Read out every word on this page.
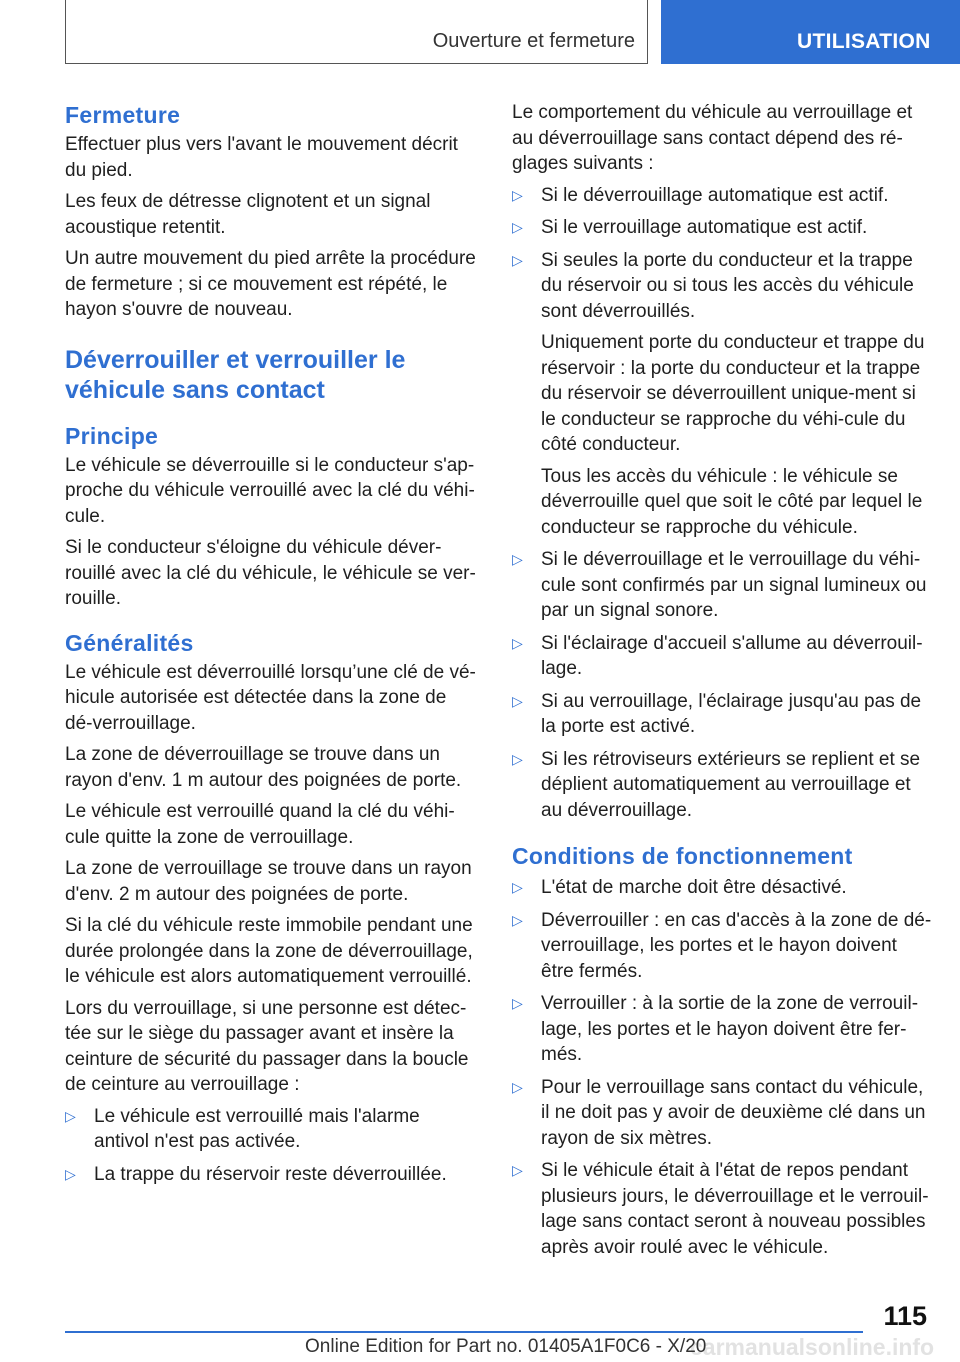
Ouverture et fermeture	UTILISATION
Fermeture

Effectuer plus vers l'avant le mouvement décrit du pied.

Les feux de détresse clignotent et un signal acoustique retentit.

Un autre mouvement du pied arrête la procédure de fermeture ; si ce mouvement est répété, le hayon s'ouvre de nouveau.

Déverrouiller et verrouiller le véhicule sans contact
Principe

Le véhicule se déverrouille si le conducteur s'ap-proche du véhicule verrouillé avec la clé du véhi-cule.

Si le conducteur s'éloigne du véhicule déver-rouillé avec la clé du véhicule, le véhicule se ver-rouille.

Généralités

Le véhicule est déverrouillé lorsqu’une clé de vé-hicule autorisée est détectée dans la zone de dé-verrouillage.

La zone de déverrouillage se trouve dans un rayon d'env. 1 m autour des poignées de porte.

Le véhicule est verrouillé quand la clé du véhi-cule quitte la zone de verrouillage.

La zone de verrouillage se trouve dans un rayon d'env. 2 m autour des poignées de porte.

Si la clé du véhicule reste immobile pendant une durée prolongée dans la zone de déverrouillage, le véhicule est alors automatiquement verrouillé.

Lors du verrouillage, si une personne est détec-tée sur le siège du passager avant et insère la ceinture de sécurité du passager dans la boucle de ceinture au verrouillage :

▷ Le véhicule est verrouillé mais l'alarme antivol n'est pas activée.
▷ La trappe du réservoir reste déverrouillée.

Le comportement du véhicule au verrouillage et au déverrouillage sans contact dépend des ré-glages suivants :

▷ Si le déverrouillage automatique est actif.
▷ Si le verrouillage automatique est actif.
▷ Si seules la porte du conducteur et la trappe du réservoir ou si tous les accès du véhicule sont déverrouillés.

Uniquement porte du conducteur et trappe du réservoir : la porte du conducteur et la trappe du réservoir se déverrouillent unique-ment si le conducteur se rapproche du véhi-cule du côté conducteur.

Tous les accès du véhicule : le véhicule se déverrouille quel que soit le côté par lequel le conducteur se rapproche du véhicule.

▷ Si le déverrouillage et le verrouillage du véhi-cule sont confirmés par un signal lumineux ou par un signal sonore.
▷ Si l'éclairage d'accueil s'allume au déverrouil-lage.
▷ Si au verrouillage, l'éclairage jusqu'au pas de la porte est activé.
▷ Si les rétroviseurs extérieurs se replient et se déplient automatiquement au verrouillage et au déverrouillage.
Conditions de fonctionnement
▷ L'état de marche doit être désactivé.
▷ Déverrouiller : en cas d'accès à la zone de dé-verrouillage, les portes et le hayon doivent être fermés.
▷ Verrouiller : à la sortie de la zone de verrouil-lage, les portes et le hayon doivent être fer-més.
▷ Pour le verrouillage sans contact du véhicule, il ne doit pas y avoir de deuxième clé dans un rayon de six mètres.
▷ Si le véhicule était à l'état de repos pendant plusieurs jours, le déverrouillage et le verrouil-lage sans contact seront à nouveau possibles après avoir roulé avec le véhicule.
115
carmanualsonline.info
Online Edition for Part no. 01405A1F0C6 - X/20
